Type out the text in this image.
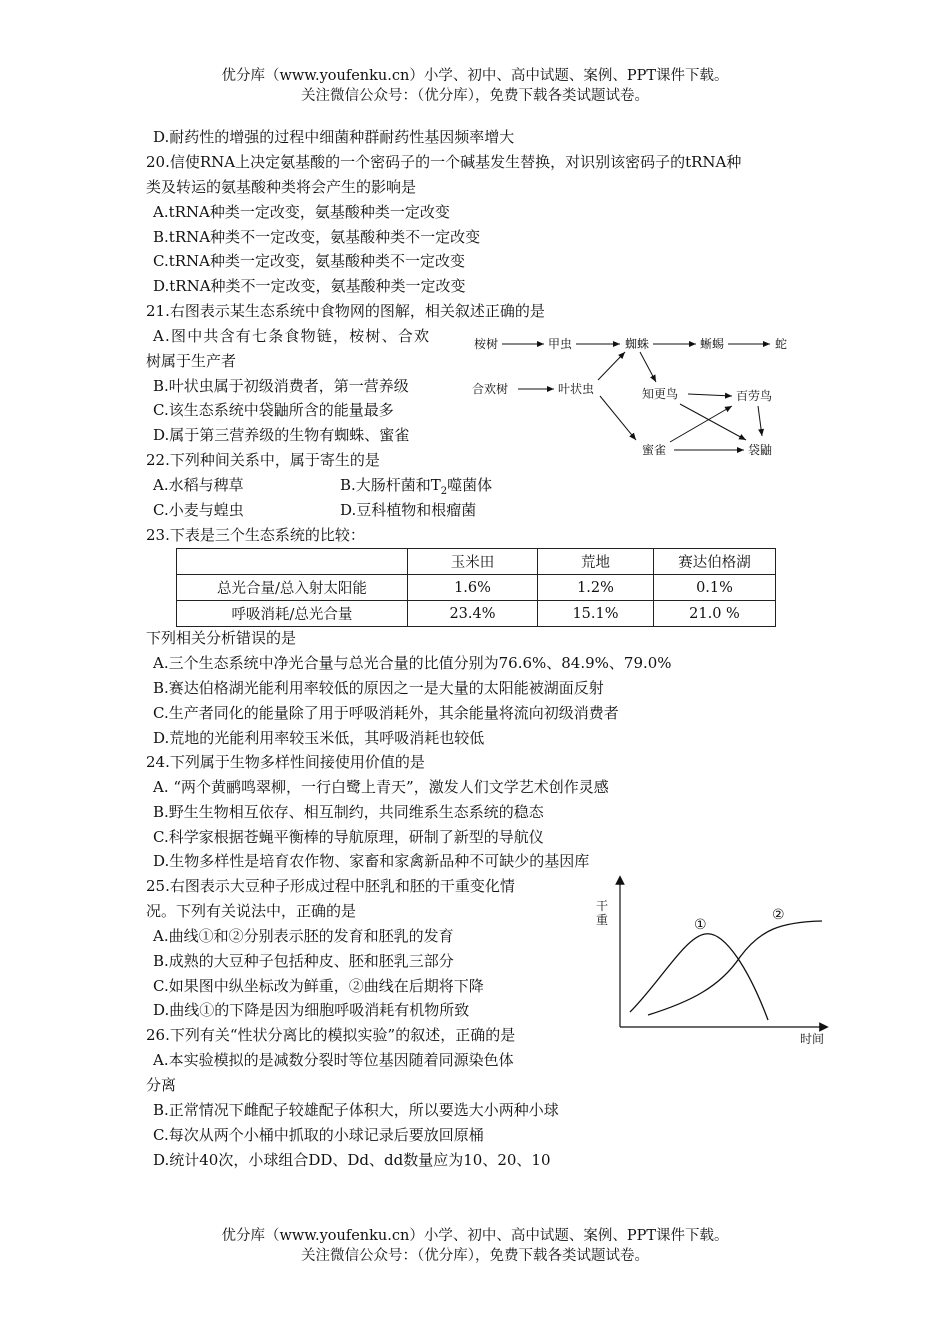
优分库（www.youfenku.cn）小学、初中、高中试题、案例、PPT课件下载。
关注微信公众号：（优分库），免费下载各类试题试卷。
D.耐药性的增强的过程中细菌种群耐药性基因频率增大
20.信使RNA上决定氨基酸的一个密码子的一个碱基发生替换，对识别该密码子的tRNA种
类及转运的氨基酸种类将会产生的影响是
A.tRNA种类一定改变，氨基酸种类一定改变
B.tRNA种类不一定改变，氨基酸种类不一定改变
C.tRNA种类一定改变，氨基酸种类不一定改变
D.tRNA种类不一定改变，氨基酸种类一定改变
21.右图表示某生态系统中食物网的图解，相关叙述正确的是
A.图中共含有七条食物链，桉树、合欢
树属于生产者
B.叶状虫属于初级消费者，第一营养级
C.该生态系统中袋鼬所含的能量最多
D.属于第三营养级的生物有蜘蛛、蜜雀
桉树	甲虫	蜘蛛	蜥蜴	蛇
合欢树	叶状虫	知更鸟	百劳鸟
蜜雀	袋鼬
22.下列种间关系中，属于寄生的是
A.水稻与稗草	B.大肠杆菌和$T_2$噬菌体
C.小麦与蝗虫	D.豆科植物和根瘤菌
23.下表是三个生态系统的比较：
	玉米田	荒地	赛达伯格湖
总光合量/总入射太阳能	1.6%	1.2%	0.1%
呼吸消耗/总光合量	23.4%	15.1%	21.0 %
下列相关分析错误的是
A.三个生态系统中净光合量与总光合量的比值分别为76.6%、84.9%、79.0%
B.赛达伯格湖光能利用率较低的原因之一是大量的太阳能被湖面反射
C.生产者同化的能量除了用于呼吸消耗外，其余能量将流向初级消费者
D.荒地的光能利用率较玉米低，其呼吸消耗也较低
24.下列属于生物多样性间接使用价值的是
A. “两个黄鹂鸣翠柳，一行白鹭上青天”，激发人们文学艺术创作灵感
B.野生生物相互依存、相互制约，共同维系生态系统的稳态
C.科学家根据苍蝇平衡棒的导航原理，研制了新型的导航仪
D.生物多样性是培育农作物、家畜和家禽新品种不可缺少的基因库
25.右图表示大豆种子形成过程中胚乳和胚的干重变化情
况。下列有关说法中，正确的是
A.曲线①和②分别表示胚的发育和胚乳的发育
B.成熟的大豆种子包括种皮、胚和胚乳三部分
C.如果图中纵坐标改为鲜重，②曲线在后期将下降
D.曲线①的下降是因为细胞呼吸消耗有机物所致
干
重
时间
①
②
26.下列有关“性状分离比的模拟实验”的叙述，正确的是
A.本实验模拟的是减数分裂时等位基因随着同源染色体
分离
B.正常情况下雌配子较雄配子体积大，所以要选大小两种小球
C.每次从两个小桶中抓取的小球记录后要放回原桶
D.统计40次，小球组合DD、Dd、dd数量应为10、20、10
优分库（www.youfenku.cn）小学、初中、高中试题、案例、PPT课件下载。
关注微信公众号：（优分库），免费下载各类试题试卷。
